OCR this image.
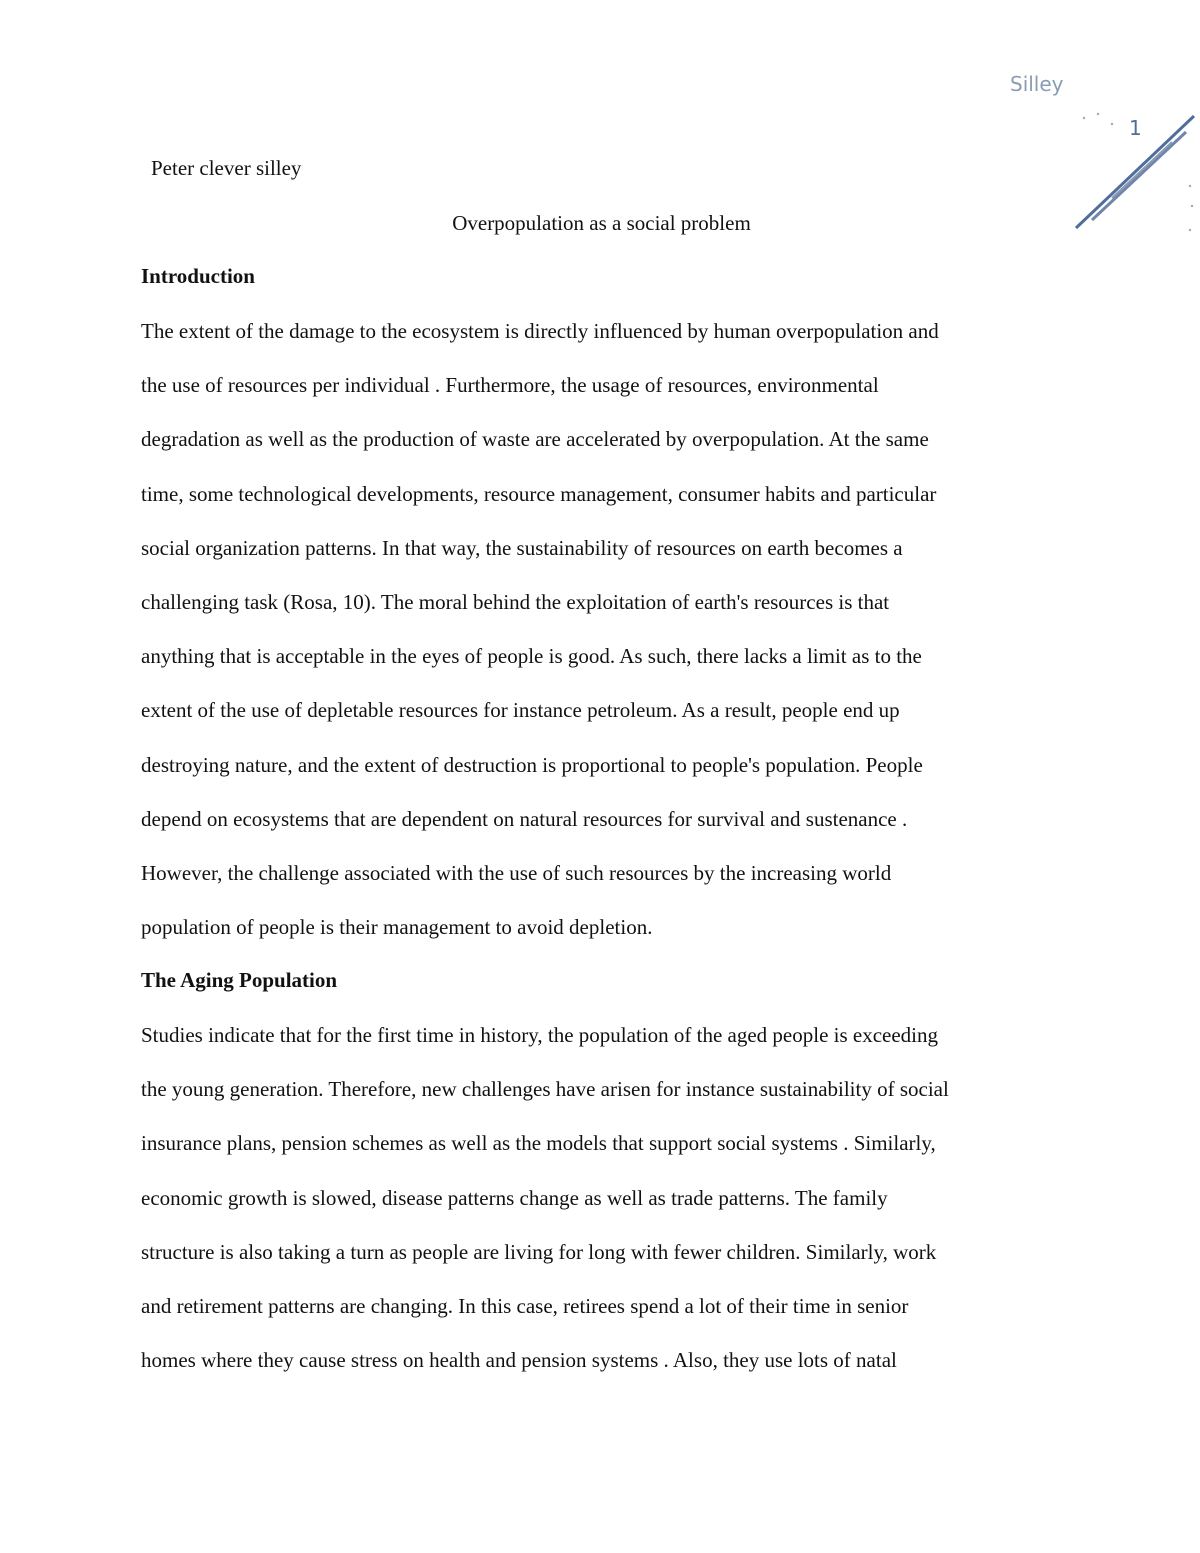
Silley
1
Peter clever silley
Overpopulation as a social problem
Introduction
The extent of the damage to the ecosystem is directly influenced by human overpopulation and
the use of resources per individual . Furthermore, the usage of resources, environmental
degradation as well as the production of waste are accelerated by overpopulation. At the same
time, some technological developments, resource management, consumer habits and particular
social organization patterns. In that way, the sustainability of resources on earth becomes a
challenging task (Rosa, 10). The moral behind the exploitation of earth's resources is that
anything that is acceptable in the eyes of people is good. As such, there lacks a limit as to the
extent of the use of depletable resources for instance petroleum. As a result, people end up
destroying nature, and the extent of destruction is proportional to people's population. People
depend on ecosystems that are dependent on natural resources for survival and sustenance .
However, the challenge associated with the use of such resources by the increasing world
population of people is their management to avoid depletion.
The Aging Population
Studies indicate that for the first time in history, the population of the aged people is exceeding
the young generation. Therefore, new challenges have arisen for instance sustainability of social
insurance plans, pension schemes as well as the models that support social systems . Similarly,
economic growth is slowed, disease patterns change as well as trade patterns. The family
structure is also taking a turn as people are living for long with fewer children. Similarly, work
and retirement patterns are changing. In this case, retirees spend a lot of their time in senior
homes where they cause stress on health and pension systems . Also, they use lots of natal
